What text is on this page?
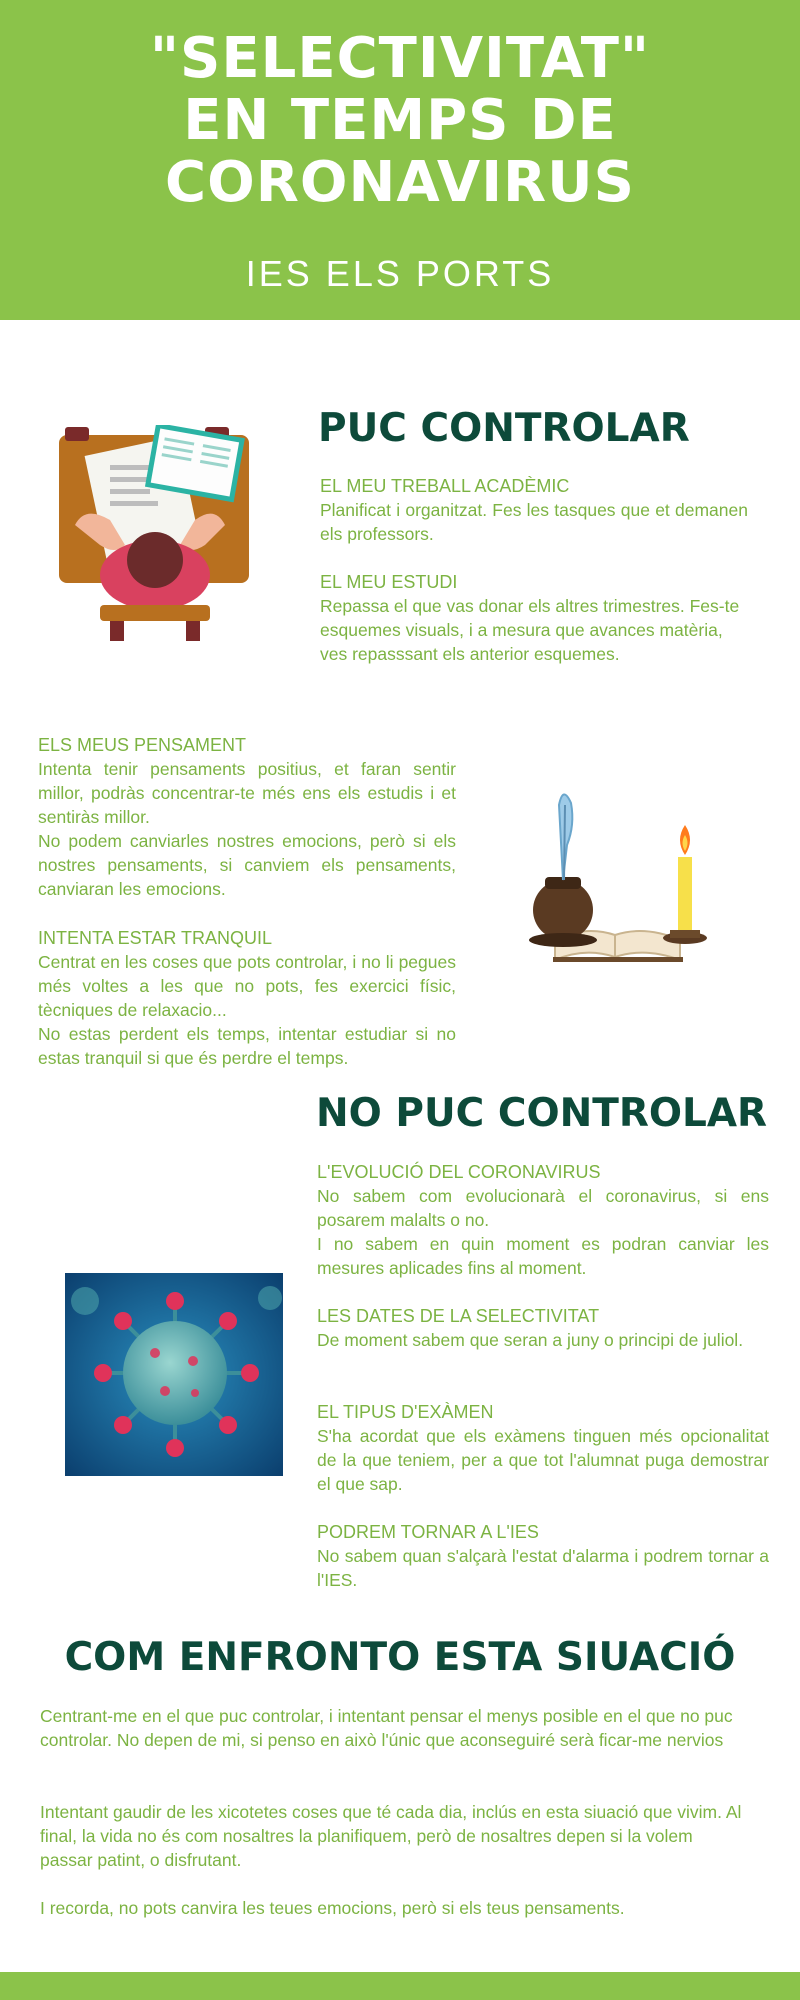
"SELECTIVITAT"
EN TEMPS DE
CORONAVIRUS
IES ELS PORTS
PUC CONTROLAR
EL MEU TREBALL ACADÈMIC

Planificat i organitzat. Fes les tasques que et demanen els professors.

EL MEU ESTUDI

Repassa el que vas donar els altres trimestres. Fes-te esquemes visuals, i a mesura que avances matèria, ves repasssant els anterior esquemes.

ELS MEUS PENSAMENT

Intenta tenir pensaments positius, et faran sentir millor, podràs concentrar-te més ens els estudis i et sentiràs millor.
No podem canviarles nostres emocions, però si els nostres pensaments, si canviem els pensaments, canviaran les emocions.

INTENTA ESTAR TRANQUIL

Centrat en les coses que pots controlar, i no li pegues més voltes a les que no pots, fes exercici físic, tècniques de relaxacio...
No estas perdent els temps, intentar estudiar si no estas tranquil si que és perdre el temps.

NO PUC CONTROLAR
L'EVOLUCIÓ DEL CORONAVIRUS

No sabem com evolucionarà el coronavirus, si ens posarem malalts o no.
I no sabem en quin moment es podran canviar les mesures aplicades fins al moment.

LES DATES DE LA SELECTIVITAT

De moment sabem que seran a juny o principi de juliol.

EL TIPUS D'EXÀMEN

S'ha acordat que els exàmens tinguen més opcionalitat de la que teniem, per a que tot l'alumnat puga demostrar el que sap.

PODREM TORNAR A L'IES

No sabem quan s'alçarà l'estat d'alarma i podrem tornar a l'IES.

COM ENFRONTO ESTA SIUACIÓ

Centrant-me en el que puc controlar, i intentant pensar el menys posible en el que no puc controlar. No depen de mi, si penso en això l'únic que aconseguiré serà ficar-me nervios

Intentant gaudir de les xicotetes coses que té cada dia, inclús en esta siuació que vivim. Al final, la vida no és com nosaltres la planifiquem, però de nosaltres depen si la volem passar patint, o disfrutant.

I recorda, no pots canvira les teues emocions, però si els teus pensaments.
